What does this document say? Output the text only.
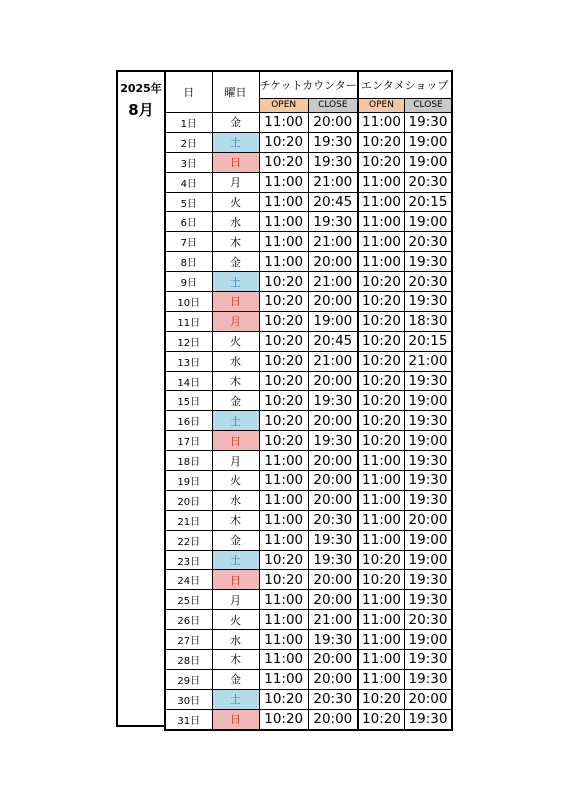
2025年
8月
日	曜日	チケットカウンター		エンタメショップ	
		OPEN	CLOSE	OPEN	CLOSE
1日	金	11:00	20:00	11:00	19:30
2日	土	10:20	19:30	10:20	19:00
3日	日	10:20	19:30	10:20	19:00
4日	月	11:00	21:00	11:00	20:30
5日	火	11:00	20:45	11:00	20:15
6日	水	11:00	19:30	11:00	19:00
7日	木	11:00	21:00	11:00	20:30
8日	金	11:00	20:00	11:00	19:30
9日	土	10:20	21:00	10:20	20:30
10日	日	10:20	20:00	10:20	19:30
11日	月	10:20	19:00	10:20	18:30
12日	火	10:20	20:45	10:20	20:15
13日	水	10:20	21:00	10:20	21:00
14日	木	10:20	20:00	10:20	19:30
15日	金	10:20	19:30	10:20	19:00
16日	土	10:20	20:00	10:20	19:30
17日	日	10:20	19:30	10:20	19:00
18日	月	11:00	20:00	11:00	19:30
19日	火	11:00	20:00	11:00	19:30
20日	水	11:00	20:00	11:00	19:30
21日	木	11:00	20:30	11:00	20:00
22日	金	11:00	19:30	11:00	19:00
23日	土	10:20	19:30	10:20	19:00
24日	日	10:20	20:00	10:20	19:30
25日	月	11:00	20:00	11:00	19:30
26日	火	11:00	21:00	11:00	20:30
27日	水	11:00	19:30	11:00	19:00
28日	木	11:00	20:00	11:00	19:30
29日	金	11:00	20:00	11:00	19:30
30日	土	10:20	20:30	10:20	20:00
31日	日	10:20	20:00	10:20	19:30
